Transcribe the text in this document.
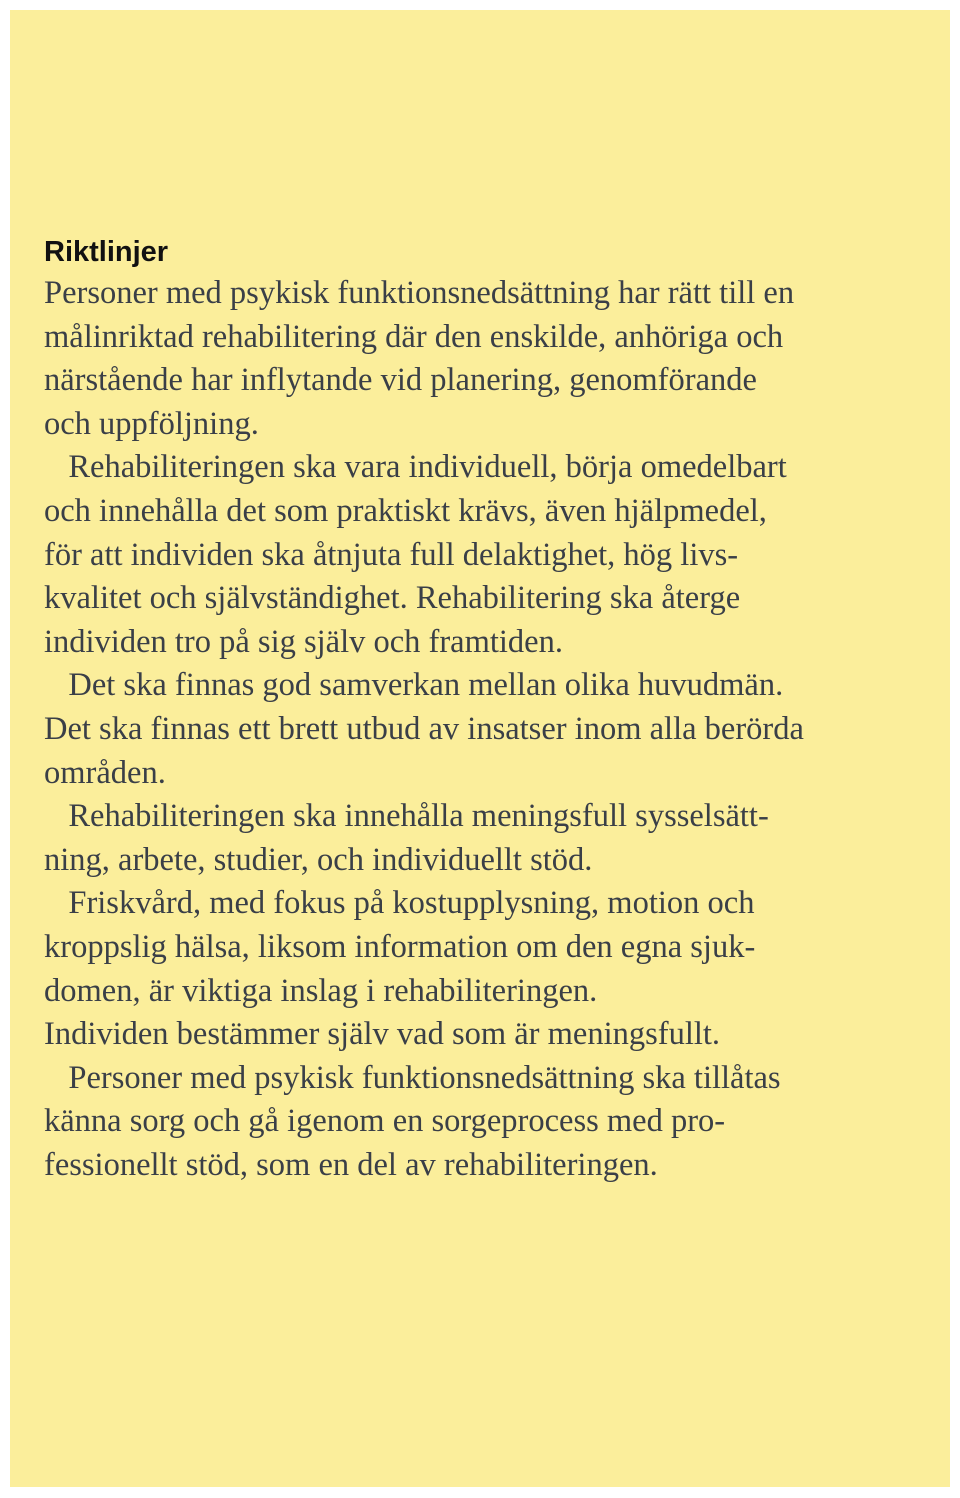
Riktlinjer

Personer med psykisk funktionsnedsättning har rätt till en
målinriktad rehabilitering där den enskilde, anhöriga och
närstående har inflytande vid planering, genomförande
och uppföljning.

Rehabiliteringen ska vara individuell, börja omedelbart
och innehålla det som praktiskt krävs, även hjälpmedel,
för att individen ska åtnjuta full delaktighet, hög livs-
kvalitet och självständighet. Rehabilitering ska återge
individen tro på sig själv och framtiden.

Det ska finnas god samverkan mellan olika huvudmän.
Det ska finnas ett brett utbud av insatser inom alla berörda
områden.

Rehabiliteringen ska innehålla meningsfull sysselsätt-
ning, arbete, studier, och individuellt stöd.

Friskvård, med fokus på kostupplysning, motion och
kroppslig hälsa, liksom information om den egna sjuk-
domen, är viktiga inslag i rehabiliteringen.
Individen bestämmer själv vad som är meningsfullt.

Personer med psykisk funktionsnedsättning ska tillåtas
känna sorg och gå igenom en sorgeprocess med pro-
fessionellt stöd, som en del av rehabiliteringen.
